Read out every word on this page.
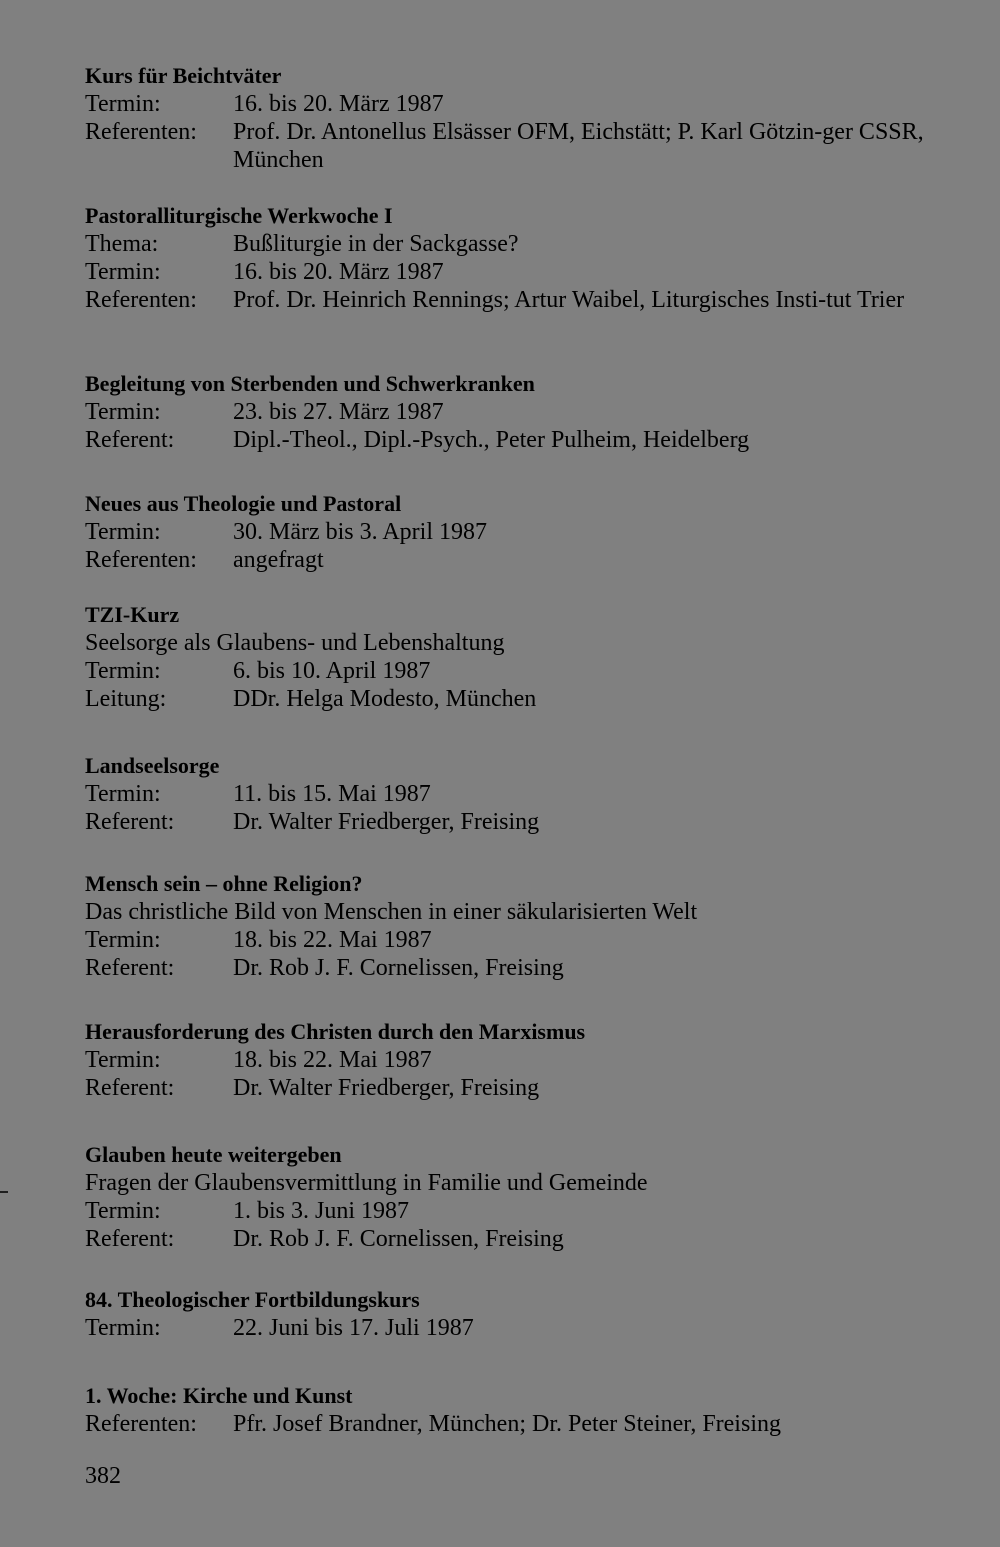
Kurs für Beichtväter
Termin:	16. bis 20. März 1987
Referenten:	Prof. Dr. Antonellus Elsässer OFM, Eichstätt; P. Karl Götzin-ger CSSR, München
Pastoralliturgische Werkwoche I
Thema:	Bußliturgie in der Sackgasse?
Termin:	16. bis 20. März 1987
Referenten:	Prof. Dr. Heinrich Rennings; Artur Waibel, Liturgisches Insti-tut Trier
Begleitung von Sterbenden und Schwerkranken
Termin:	23. bis 27. März 1987
Referent:	Dipl.-Theol., Dipl.-Psych., Peter Pulheim, Heidelberg
Neues aus Theologie und Pastoral
Termin:	30. März bis 3. April 1987
Referenten:	angefragt
TZI-Kurz
Seelsorge als Glaubens- und Lebenshaltung
Termin:	6. bis 10. April 1987
Leitung:	DDr. Helga Modesto, München
Landseelsorge
Termin:	11. bis 15. Mai 1987
Referent:	Dr. Walter Friedberger, Freising
Mensch sein – ohne Religion?
Das christliche Bild von Menschen in einer säkularisierten Welt
Termin:	18. bis 22. Mai 1987
Referent:	Dr. Rob J. F. Cornelissen, Freising
Herausforderung des Christen durch den Marxismus
Termin:	18. bis 22. Mai 1987
Referent:	Dr. Walter Friedberger, Freising
Glauben heute weitergeben
Fragen der Glaubensvermittlung in Familie und Gemeinde
Termin:	1. bis 3. Juni 1987
Referent:	Dr. Rob J. F. Cornelissen, Freising
84. Theologischer Fortbildungskurs
Termin:	22. Juni bis 17. Juli 1987
1. Woche: Kirche und Kunst
Referenten:	Pfr. Josef Brandner, München; Dr. Peter Steiner, Freising
382
